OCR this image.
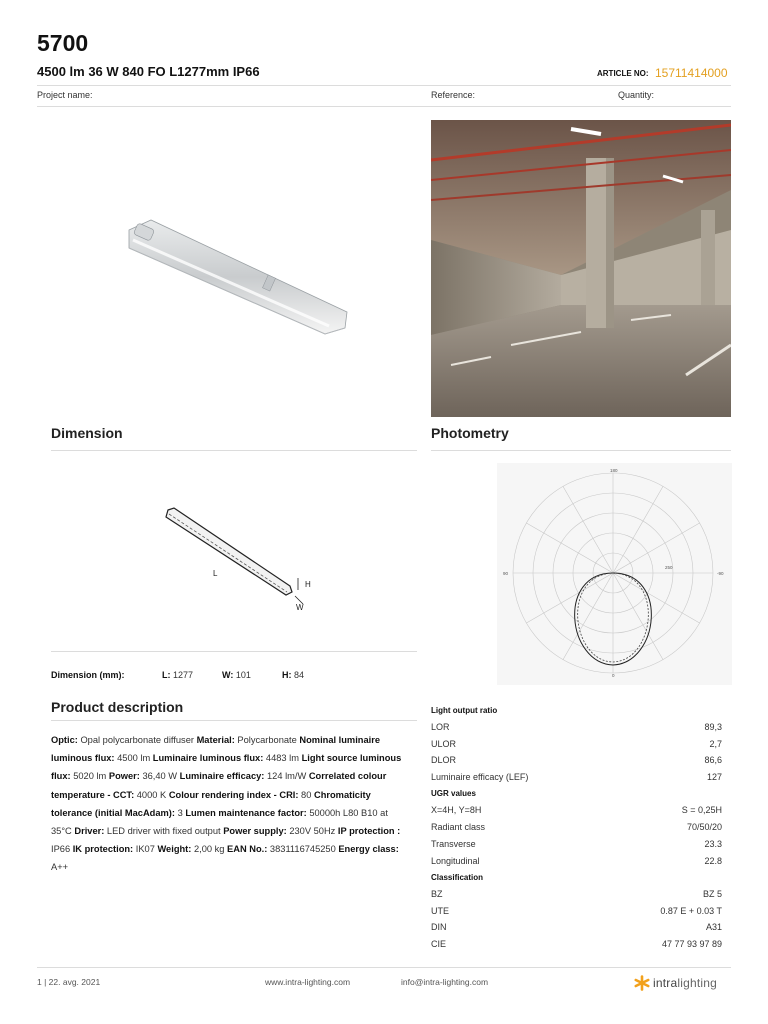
5700
4500 lm 36 W 840 FO L1277mm IP66	ARTICLE NO: 15711414000
Project name:	Reference:	Quantity:
Dimension	Photometry
L
H
W
180
90	-90
0
250
Dimension (mm):	L: 1277	W: 101	H: 84
Product description
Optic: Opal polycarbonate diffuser Material: Polycarbonate Nominal luminaire luminous flux: 4500 lm Luminaire luminous flux: 4483 lm Light source luminous flux: 5020 lm Power: 36,40 W Luminaire efficacy: 124 lm/W Correlated colour temperature - CCT: 4000 K Colour rendering index - CRI: 80 Chromaticity tolerance (initial MacAdam): 3 Lumen maintenance factor: 50000h L80 B10 at 35°C Driver: LED driver with fixed output Power supply: 230V 50Hz IP protection : IP66 IK protection: IK07 Weight: 2,00 kg EAN No.: 3831116745250 Energy class: A++
Light output ratio
LOR	89,3
ULOR	2,7
DLOR	86,6
Luminaire efficacy (LEF)	127
UGR values
X=4H, Y=8H	S = 0,25H
Radiant class	70/50/20
Transverse	23.3
Longitudinal	22.8
Classification
BZ	BZ 5
UTE	0.87 E + 0.03 T
DIN	A31
CIE	47 77 93 97 89
1 | 22. avg. 2021	www.intra-lighting.com	info@intra-lighting.com	intralighting
